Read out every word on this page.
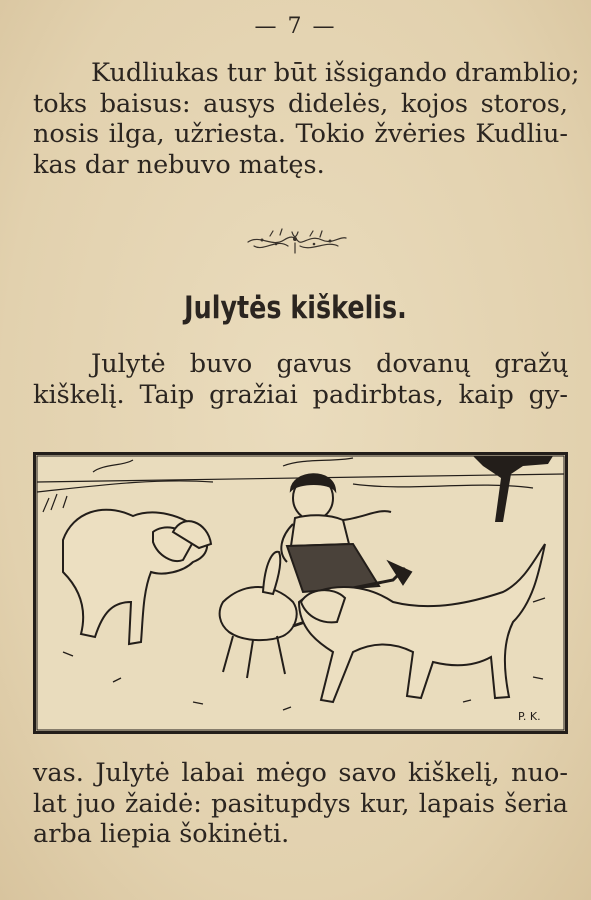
— 7 —
Kudliukas tur būt išsigando dramblio;
toks baisus: ausys didelės, kojos storos,
nosis ilga, užriesta. Tokio žvėries Kudliu-
kas dar nebuvo matęs.
Julytės kiškelis.
Julytė buvo gavus dovanų gražų
kiškelį. Taip gražiai padirbtas, kaip gy-
P. K.
vas. Julytė labai mėgo savo kiškelį, nuo-
lat juo žaidė: pasitupdys kur, lapais šeria
arba liepia šokinėti.
